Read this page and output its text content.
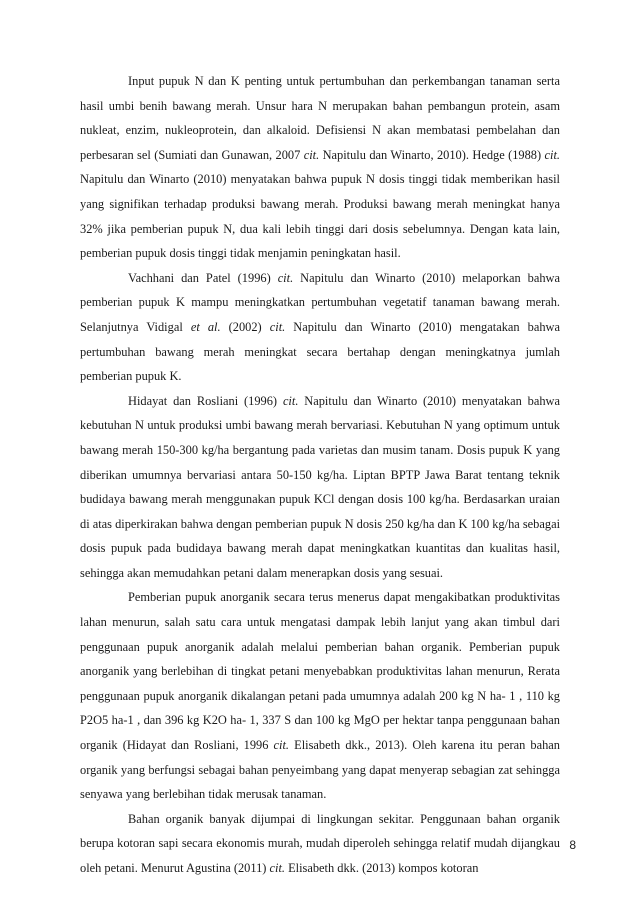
Input pupuk N dan K penting untuk pertumbuhan dan perkembangan tanaman serta hasil umbi benih bawang merah. Unsur hara N merupakan bahan pembangun protein, asam nukleat, enzim, nukleoprotein, dan alkaloid. Defisiensi N akan membatasi pembelahan dan perbesaran sel (Sumiati dan Gunawan, 2007 cit. Napitulu dan Winarto, 2010). Hedge (1988) cit. Napitulu dan Winarto (2010) menyatakan bahwa pupuk N dosis tinggi tidak memberikan hasil yang signifikan terhadap produksi bawang merah. Produksi bawang merah meningkat hanya 32% jika pemberian pupuk N, dua kali lebih tinggi dari dosis sebelumnya. Dengan kata lain, pemberian pupuk dosis tinggi tidak menjamin peningkatan hasil.

Vachhani dan Patel (1996) cit. Napitulu dan Winarto (2010) melaporkan bahwa pemberian pupuk K mampu meningkatkan pertumbuhan vegetatif tanaman bawang merah. Selanjutnya Vidigal et al. (2002) cit. Napitulu dan Winarto (2010) mengatakan bahwa pertumbuhan bawang merah meningkat secara bertahap dengan meningkatnya jumlah pemberian pupuk K.

Hidayat dan Rosliani (1996) cit. Napitulu dan Winarto (2010) menyatakan bahwa kebutuhan N untuk produksi umbi bawang merah bervariasi. Kebutuhan N yang optimum untuk bawang merah 150-300 kg/ha bergantung pada varietas dan musim tanam. Dosis pupuk K yang diberikan umumnya bervariasi antara 50-150 kg/ha. Liptan BPTP Jawa Barat tentang teknik budidaya bawang merah menggunakan pupuk KCl dengan dosis 100 kg/ha. Berdasarkan uraian di atas diperkirakan bahwa dengan pemberian pupuk N dosis 250 kg/ha dan K 100 kg/ha sebagai dosis pupuk pada budidaya bawang merah dapat meningkatkan kuantitas dan kualitas hasil, sehingga akan memudahkan petani dalam menerapkan dosis yang sesuai.

Pemberian pupuk anorganik secara terus menerus dapat mengakibatkan produktivitas lahan menurun, salah satu cara untuk mengatasi dampak lebih lanjut yang akan timbul dari penggunaan pupuk anorganik adalah melalui pemberian bahan organik. Pemberian pupuk anorganik yang berlebihan di tingkat petani menyebabkan produktivitas lahan menurun, Rerata penggunaan pupuk anorganik dikalangan petani pada umumnya adalah 200 kg N ha- 1 , 110 kg P2O5 ha-1 , dan 396 kg K2O ha- 1, 337 S dan 100 kg MgO per hektar tanpa penggunaan bahan organik (Hidayat dan Rosliani, 1996 cit. Elisabeth dkk., 2013). Oleh karena itu peran bahan organik yang berfungsi sebagai bahan penyeimbang yang dapat menyerap sebagian zat sehingga senyawa yang berlebihan tidak merusak tanaman.

Bahan organik banyak dijumpai di lingkungan sekitar. Penggunaan bahan organik berupa kotoran sapi secara ekonomis murah, mudah diperoleh sehingga relatif mudah dijangkau oleh petani. Menurut Agustina (2011) cit. Elisabeth dkk. (2013) kompos kotoran

8
